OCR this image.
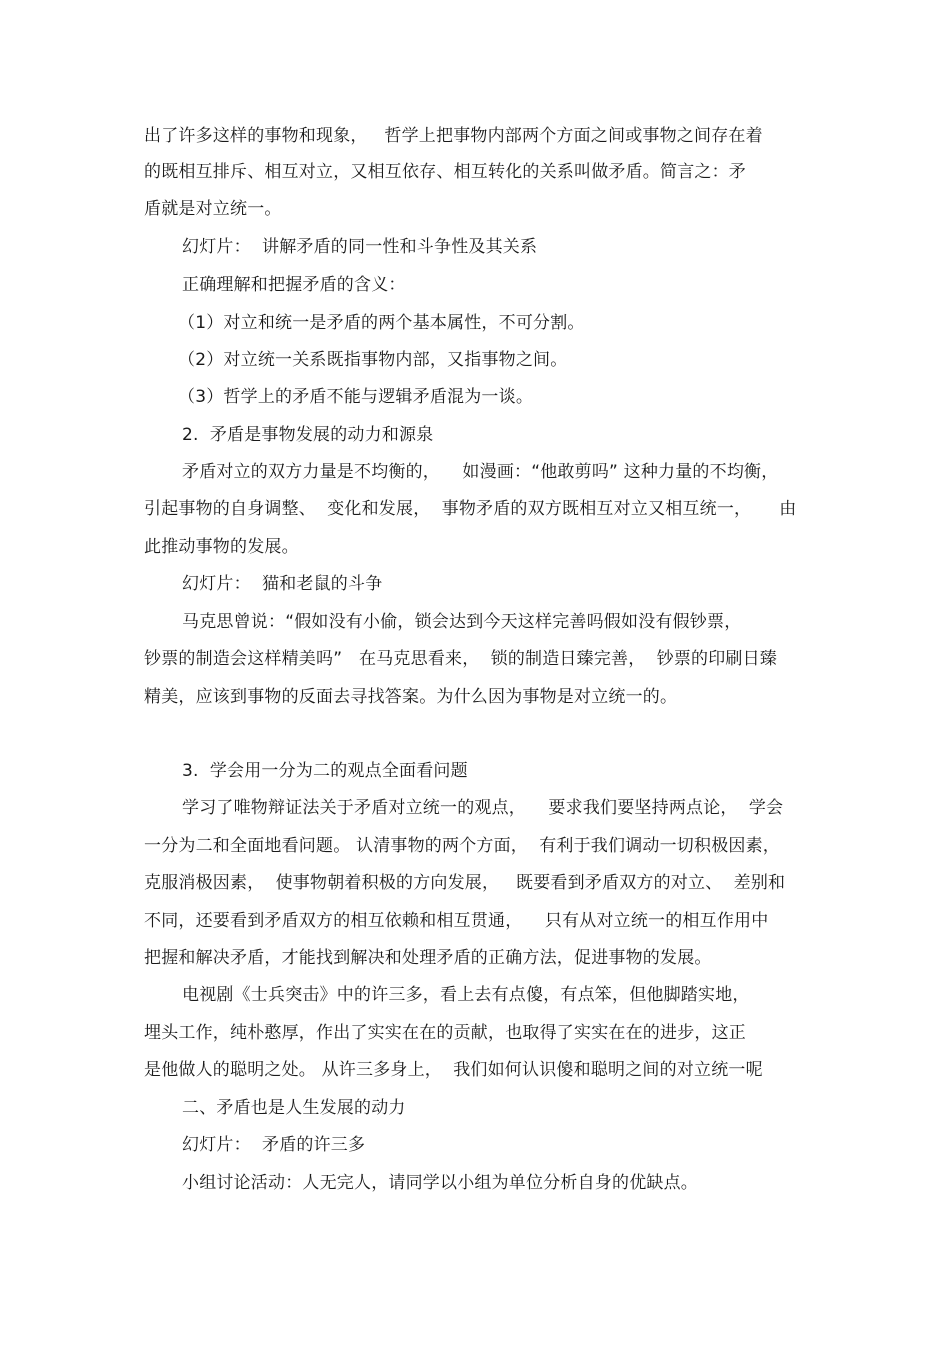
出了许多这样的事物和现象，   哲学上把事物内部两个方面之间或事物之间存在着
的既相互排斥、相互对立，又相互依存、相互转化的关系叫做矛盾。简言之：矛
盾就是对立统一。
幻灯片：  讲解矛盾的同一性和斗争性及其关系
正确理解和把握矛盾的含义：
（1）对立和统一是矛盾的两个基本属性，不可分割。
（2）对立统一关系既指事物内部，又指事物之间。
（3）哲学上的矛盾不能与逻辑矛盾混为一谈。
2.  矛盾是事物发展的动力和源泉
矛盾对立的双方力量是不均衡的，    如漫画：“他敢剪吗” 这种力量的不均衡，
引起事物的自身调整、  变化和发展，  事物矛盾的双方既相互对立又相互统一，     由
此推动事物的发展。
幻灯片：  猫和老鼠的斗争
马克思曾说：“假如没有小偷，锁会达到今天这样完善吗假如没有假钞票，
钞票的制造会这样精美吗”   在马克思看来，  锁的制造日臻完善，  钞票的印刷日臻
精美，应该到事物的反面去寻找答案。为什么因为事物是对立统一的。
3.  学会用一分为二的观点全面看问题
学习了唯物辩证法关于矛盾对立统一的观点，    要求我们要坚持两点论，  学会
一分为二和全面地看问题。 认清事物的两个方面，  有利于我们调动一切积极因素，
克服消极因素，  使事物朝着积极的方向发展，   既要看到矛盾双方的对立、  差别和
不同，还要看到矛盾双方的相互依赖和相互贯通，    只有从对立统一的相互作用中
把握和解决矛盾，才能找到解决和处理矛盾的正确方法，促进事物的发展。
电视剧《士兵突击》中的许三多，看上去有点傻，有点笨，但他脚踏实地，
埋头工作，纯朴憨厚，作出了实实在在的贡献，也取得了实实在在的进步，这正
是他做人的聪明之处。 从许三多身上，  我们如何认识傻和聪明之间的对立统一呢
二、矛盾也是人生发展的动力
幻灯片：  矛盾的许三多
小组讨论活动：人无完人，请同学以小组为单位分析自身的优缺点。
